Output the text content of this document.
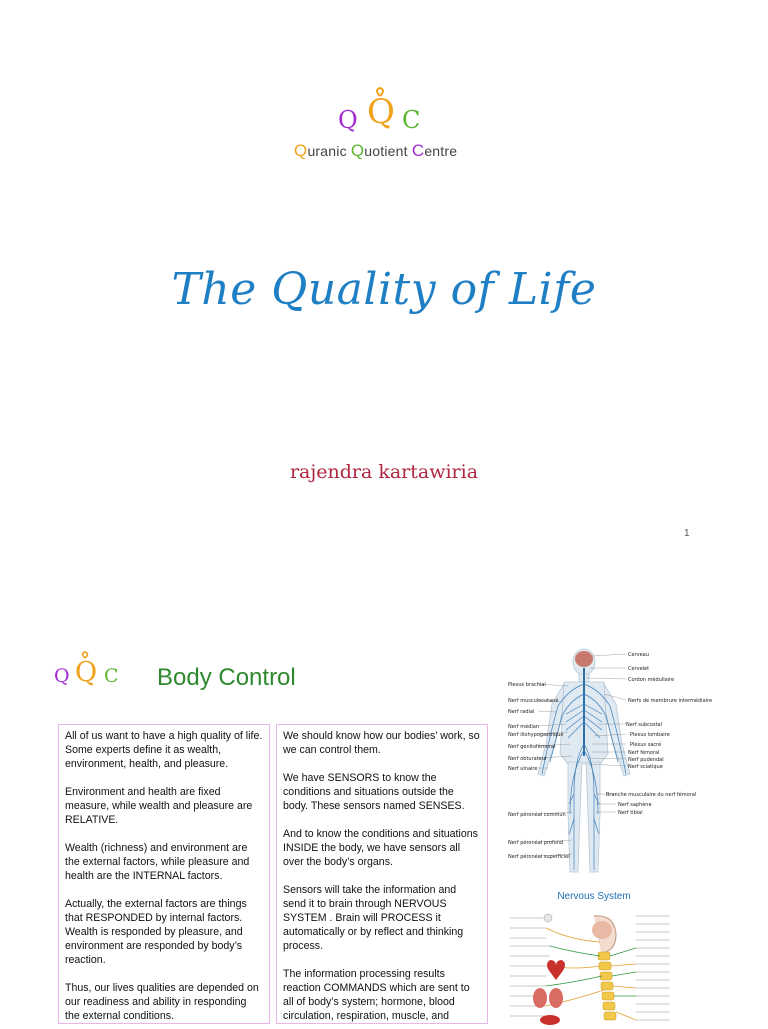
Q Q C
Quranic Quotient Centre
The Quality of Life
rajendra kartawiria
1
Q Q C Body Control

All of us want to have a high quality of life. Some experts define it as wealth, environment, health, and pleasure.

Environment and health are fixed measure, while wealth and pleasure are RELATIVE.

Wealth (richness) and environment are the external factors, while pleasure and health are the INTERNAL factors.

Actually, the external factors are things that RESPONDED by internal factors. Wealth is responded by pleasure, and environment are responded by body’s reaction.

Thus, our lives qualities are depended on our readiness and ability in responding the external conditions.

We should know how our bodies’ work, so we can control them.

We have SENSORS to know the conditions and situations outside the body. These sensors named SENSES.

And to know the conditions and situations INSIDE the body, we have sensors all over the body’s organs.

Sensors will take the information and send it to brain through NERVOUS SYSTEM . Brain will PROCESS it automatically or by reflect and thinking process.

The information processing results reaction COMMANDS which are sent to all of body’s system; hormone, blood circulation, respiration, muscle, and

Cerveau
Cervelet
Cordon médullaire
Nerfs de membrure intermédiaire
Nerf subcostal
Plexus lombaire
Plexus sacré
Nerf fémoral
Nerf pudendal
Nerf sciatique
Branche musculaire du nerf fémoral
Nerf saphène
Nerf tibial
Plexus brachial
Nerf musculocutané
Nerf radial
Nerf médian
Nerf iliohypogastrique
Nerf génitofémoral
Nerf obturateur
Nerf ulnaire
Nerf péronéal commun
Nerf péronéal profond
Nerf péronéal superficiel
Nervous System
